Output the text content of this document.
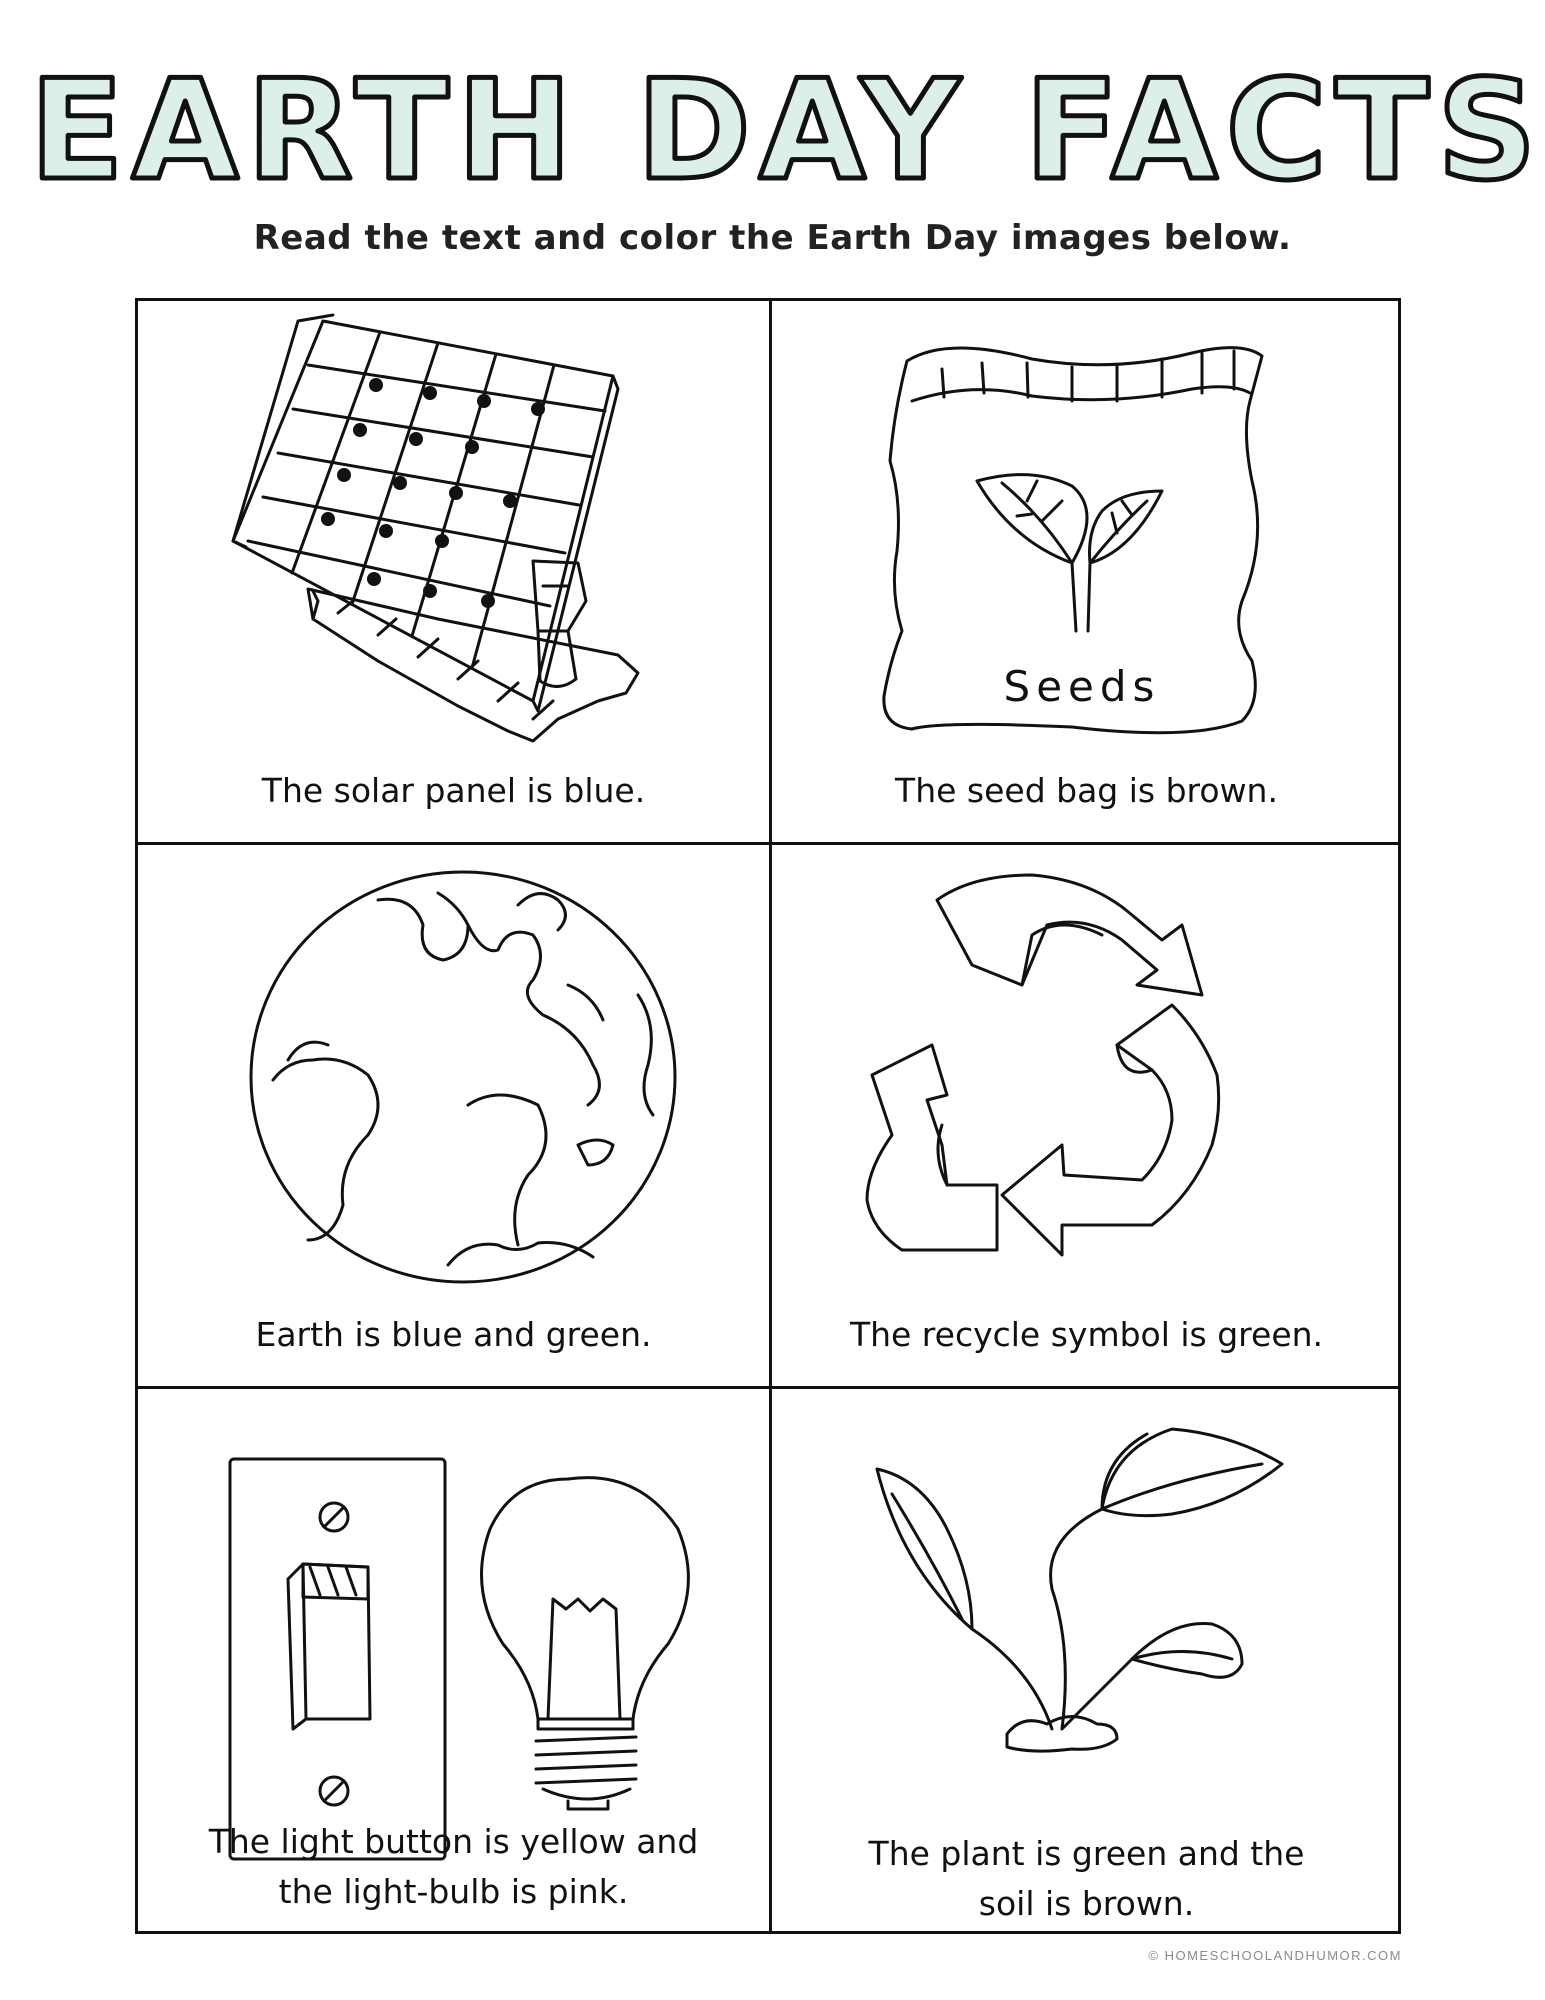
EARTH DAY FACTS
Read the text and color the Earth Day images below.
The solar panel is blue.
Seeds
The seed bag is brown.
Earth is blue and green.	The recycle symbol is green.
The light button is yellow and
the light-bulb is pink.
The plant is green and the
soil is brown.
© HOMESCHOOLANDHUMOR.COM
